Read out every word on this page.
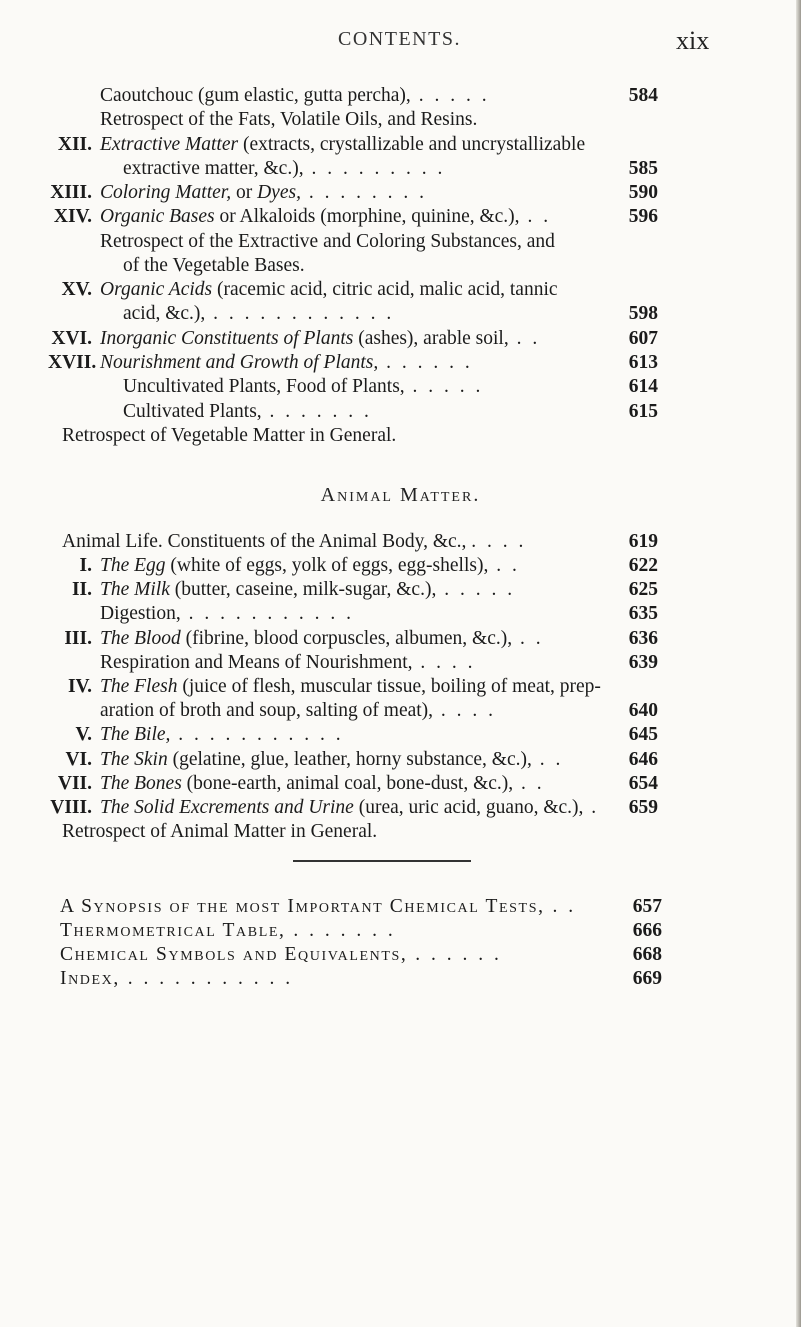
CONTENTS.	xix
Caoutchouc (gum elastic, gutta percha), . . . . .	584
Retrospect of the Fats, Volatile Oils, and Resins.
XII. Extractive Matter (extracts, crystallizable and uncrystallizable
extractive matter, &c.), . . . . . . . . .	585
XIII. Coloring Matter, or Dyes, . . . . . . . .	590
XIV. Organic Bases or Alkaloids (morphine, quinine, &c.), . .	596
Retrospect of the Extractive and Coloring Substances, and
of the Vegetable Bases.
XV. Organic Acids (racemic acid, citric acid, malic acid, tannic
acid, &c.), . . . . . . . . . . . .	598
XVI. Inorganic Constituents of Plants (ashes), arable soil, . .	607
XVII. Nourishment and Growth of Plants, . . . . . .	613
Uncultivated Plants, Food of Plants, . . . . .	614
Cultivated Plants, . . . . . . .	615
Retrospect of Vegetable Matter in General.
Animal Matter.
Animal Life. Constituents of the Animal Body, &c., . . . .	619
I. The Egg (white of eggs, yolk of eggs, egg-shells), . .	622
II. The Milk (butter, caseine, milk-sugar, &c.), . . . . .	625
Digestion, . . . . . . . . . . .	635
III. The Blood (fibrine, blood corpuscles, albumen, &c.), . .	636
Respiration and Means of Nourishment, . . . .	639
IV. The Flesh (juice of flesh, muscular tissue, boiling of meat, prep-
aration of broth and soup, salting of meat), . . . .	640
V. The Bile, . . . . . . . . . . .	645
VI. The Skin (gelatine, glue, leather, horny substance, &c.), . .	646
VII. The Bones (bone-earth, animal coal, bone-dust, &c.), . .	654
VIII. The Solid Excrements and Urine (urea, uric acid, guano, &c.), .	659
Retrospect of Animal Matter in General.
A Synopsis of the most Important Chemical Tests, . .	657
Thermometrical Table, . . . . . . .	666
Chemical Symbols and Equivalents, . . . . . .	668
Index, . . . . . . . . . . .	669
